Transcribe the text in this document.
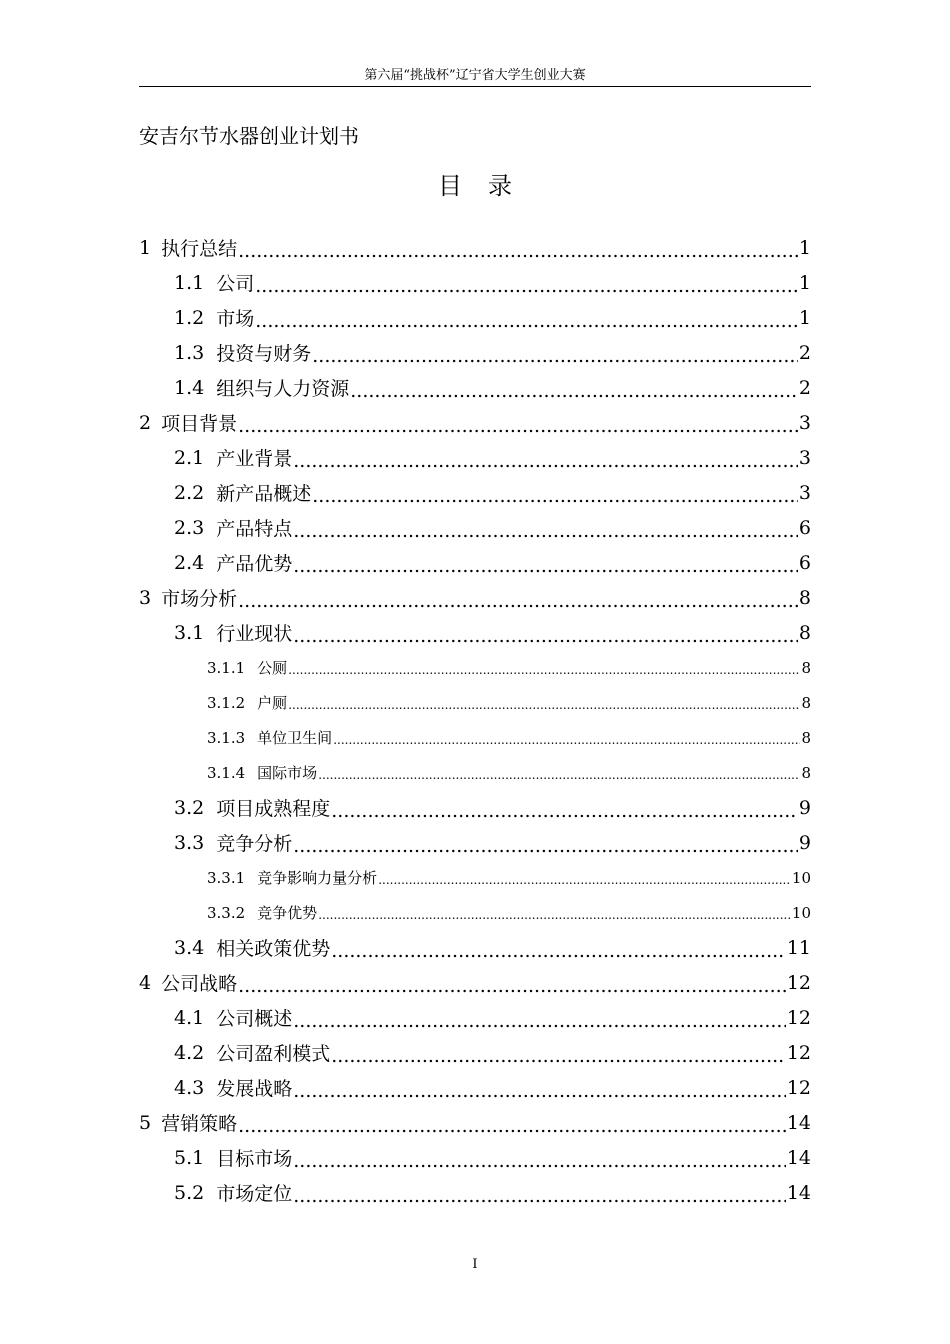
第六届“挑战杯”辽宁省大学生创业大赛
安吉尔节水器创业计划书
目录
1 执行总结 .....	1
1.1 公司 .....	1
1.2 市场 .....	1
1.3 投资与财务 .....	2
1.4 组织与人力资源 .....	2
2 项目背景 .....	3
2.1 产业背景 .....	3
2.2 新产品概述 .....	3
2.3 产品特点 .....	6
2.4 产品优势 .....	6
3 市场分析 .....	8
3.1 行业现状 .....	8
3.1.1 公厕 .....	8
3.1.2 户厕 .....	8
3.1.3 单位卫生间 .....	8
3.1.4 国际市场 .....	8
3.2 项目成熟程度 .....	9
3.3 竞争分析 .....	9
3.3.1 竞争影响力量分析 .....	10
3.3.2 竞争优势 .....	10
3.4 相关政策优势 .....	11
4 公司战略 .....	12
4.1 公司概述 .....	12
4.2 公司盈利模式 .....	12
4.3 发展战略 .....	12
5 营销策略 .....	14
5.1 目标市场 .....	14
5.2 市场定位 .....	14
I
